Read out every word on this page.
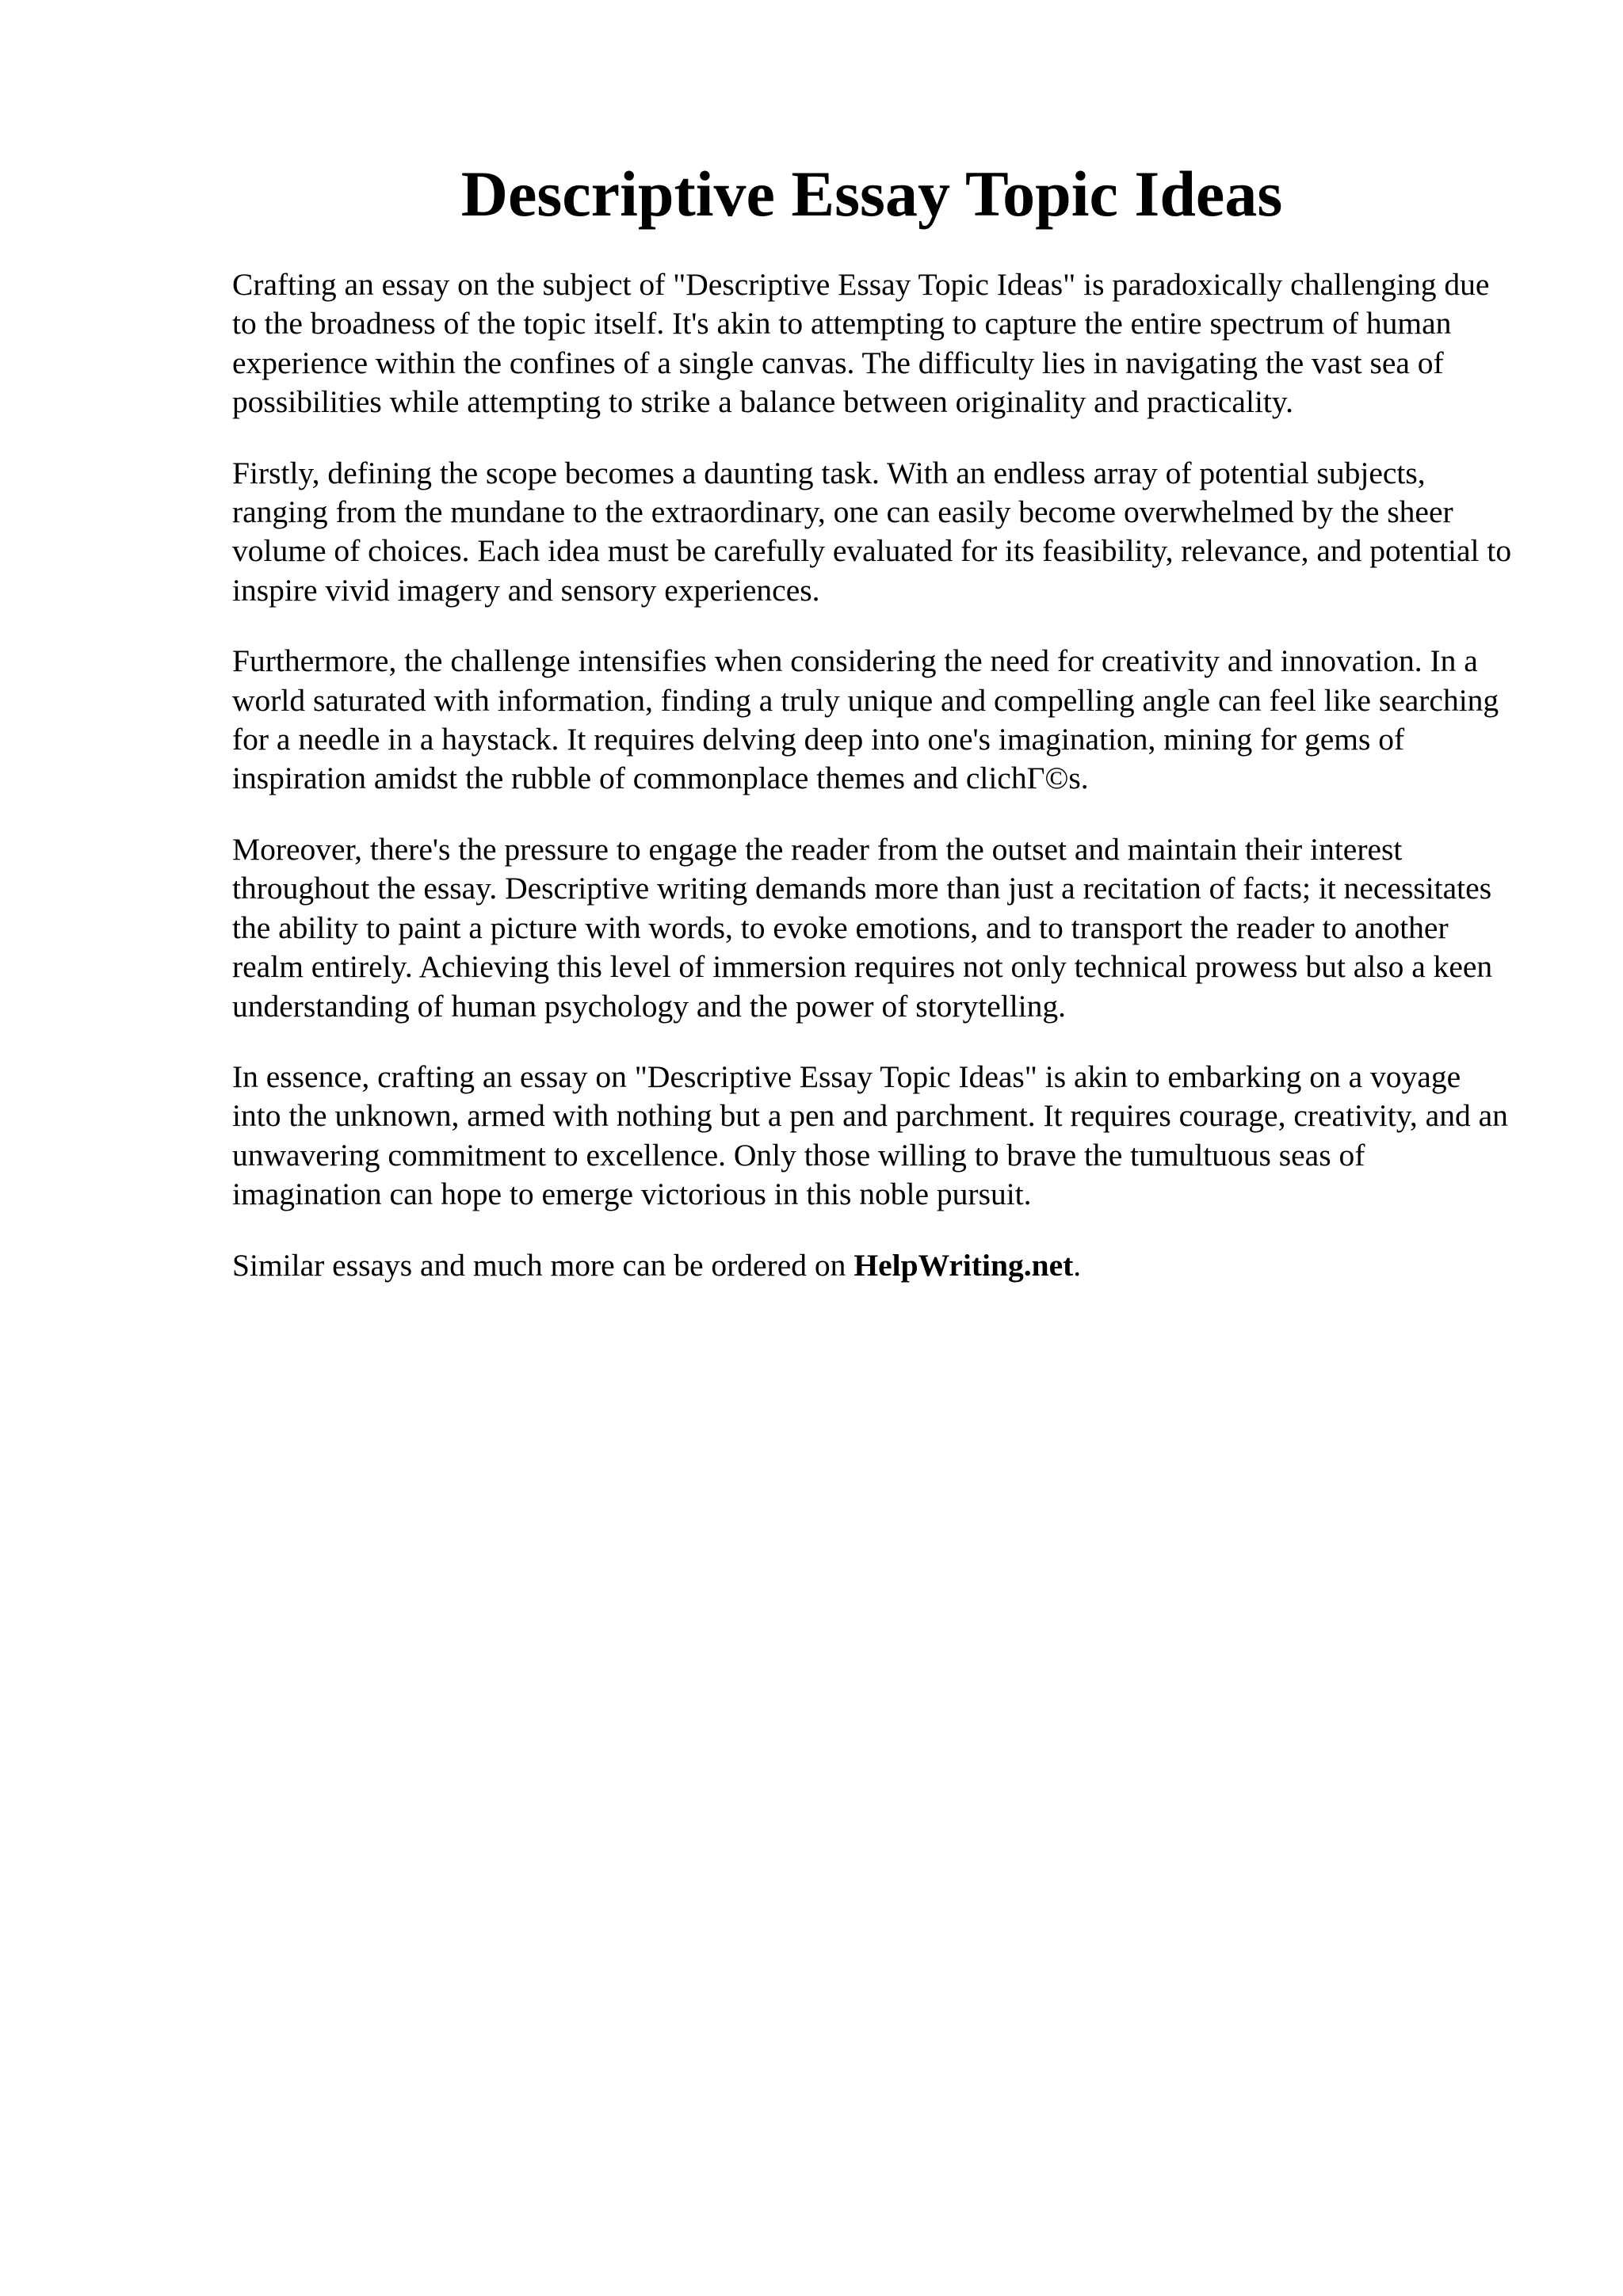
Descriptive Essay Topic Ideas

Crafting an essay on the subject of "Descriptive Essay Topic Ideas" is paradoxically challenging due to the broadness of the topic itself. It's akin to attempting to capture the entire spectrum of human experience within the confines of a single canvas. The difficulty lies in navigating the vast sea of possibilities while attempting to strike a balance between originality and practicality.

Firstly, defining the scope becomes a daunting task. With an endless array of potential subjects, ranging from the mundane to the extraordinary, one can easily become overwhelmed by the sheer volume of choices. Each idea must be carefully evaluated for its feasibility, relevance, and potential to inspire vivid imagery and sensory experiences.

Furthermore, the challenge intensifies when considering the need for creativity and innovation. In a world saturated with information, finding a truly unique and compelling angle can feel like searching for a needle in a haystack. It requires delving deep into one's imagination, mining for gems of inspiration amidst the rubble of commonplace themes and clichΓ©s.

Moreover, there's the pressure to engage the reader from the outset and maintain their interest throughout the essay. Descriptive writing demands more than just a recitation of facts; it necessitates the ability to paint a picture with words, to evoke emotions, and to transport the reader to another realm entirely. Achieving this level of immersion requires not only technical prowess but also a keen understanding of human psychology and the power of storytelling.

In essence, crafting an essay on "Descriptive Essay Topic Ideas" is akin to embarking on a voyage into the unknown, armed with nothing but a pen and parchment. It requires courage, creativity, and an unwavering commitment to excellence. Only those willing to brave the tumultuous seas of imagination can hope to emerge victorious in this noble pursuit.

Similar essays and much more can be ordered on HelpWriting.net.
